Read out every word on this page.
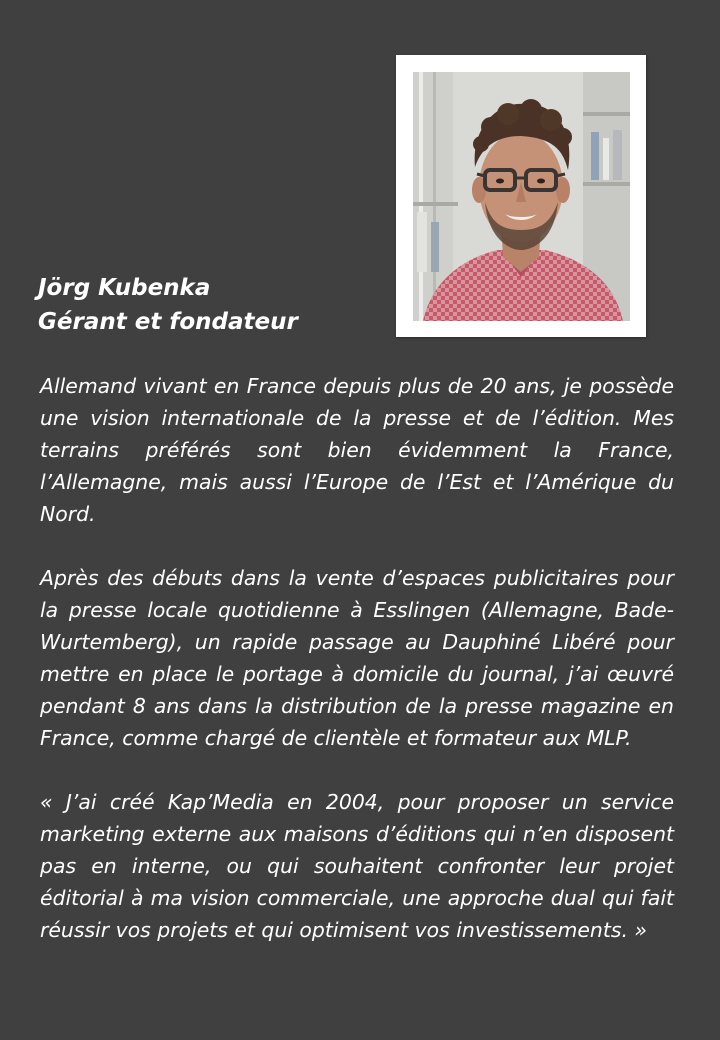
Jörg Kubenka
Gérant et fondateur

Allemand vivant en France depuis plus de 20 ans, je possède une vision internationale de la presse et de l’édition. Mes terrains préférés sont bien évidemment la France, l’Allemagne, mais aussi l’Europe de l’Est et l’Amérique du Nord.

Après des débuts dans la vente d’espaces publicitaires pour la presse locale quotidienne à Esslingen (Allemagne, Bade-Wurtemberg), un rapide passage au Dauphiné Libéré pour mettre en place le portage à domicile du journal, j’ai œuvré pendant 8 ans dans la distribution de la presse magazine en France, comme chargé de clientèle et formateur aux MLP.

« J’ai créé Kap’Media en 2004, pour proposer un service marketing externe aux maisons d’éditions qui n’en disposent pas en interne, ou qui souhaitent confronter leur projet éditorial à ma vision commerciale, une approche dual qui fait réussir vos projets et qui optimisent vos investissements. »
